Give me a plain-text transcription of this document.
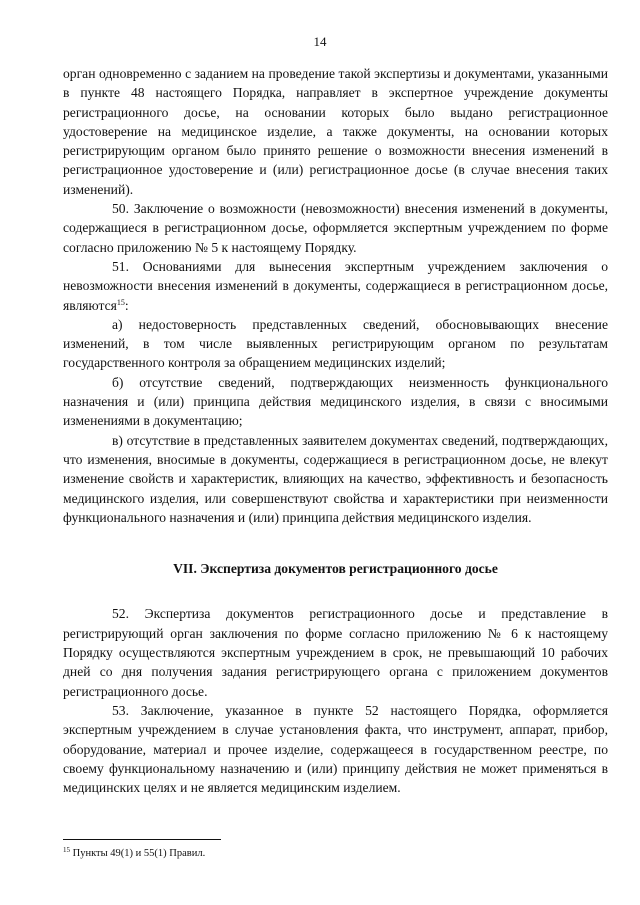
14

орган одновременно с заданием на проведение такой экспертизы и документами, указанными в пункте 48 настоящего Порядка, направляет в экспертное учреждение документы регистрационного досье, на основании которых было выдано регистрационное удостоверение на медицинское изделие, а также документы, на основании которых регистрирующим органом было принято решение о возможности внесения изменений в регистрационное удостоверение и (или) регистрационное досье (в случае внесения таких изменений).

50. Заключение о возможности (невозможности) внесения изменений в документы, содержащиеся в регистрационном досье, оформляется экспертным учреждением по форме согласно приложению № 5 к настоящему Порядку.

51. Основаниями для вынесения экспертным учреждением заключения о невозможности внесения изменений в документы, содержащиеся в регистрационном досье, являются$^{15}$:

а) недостоверность представленных сведений, обосновывающих внесение изменений, в том числе выявленных регистрирующим органом по результатам государственного контроля за обращением медицинских изделий;

б) отсутствие сведений, подтверждающих неизменность функционального назначения и (или) принципа действия медицинского изделия, в связи с вносимыми изменениями в документацию;

в) отсутствие в представленных заявителем документах сведений, подтверждающих, что изменения, вносимые в документы, содержащиеся в регистрационном досье, не влекут изменение свойств и характеристик, влияющих на качество, эффективность и безопасность медицинского изделия, или совершенствуют свойства и характеристики при неизменности функционального назначения и (или) принципа действия медицинского изделия.

VII. Экспертиза документов регистрационного досье

52. Экспертиза документов регистрационного досье и представление в регистрирующий орган заключения по форме согласно приложению № 6 к настоящему Порядку осуществляются экспертным учреждением в срок, не превышающий 10 рабочих дней со дня получения задания регистрирующего органа с приложением документов регистрационного досье.

53. Заключение, указанное в пункте 52 настоящего Порядка, оформляется экспертным учреждением в случае установления факта, что инструмент, аппарат, прибор, оборудование, материал и прочее изделие, содержащееся в государственном реестре, по своему функциональному назначению и (или) принципу действия не может применяться в медицинских целях и не является медицинским изделием.

$^{15}$ Пункты 49(1) и 55(1) Правил.
